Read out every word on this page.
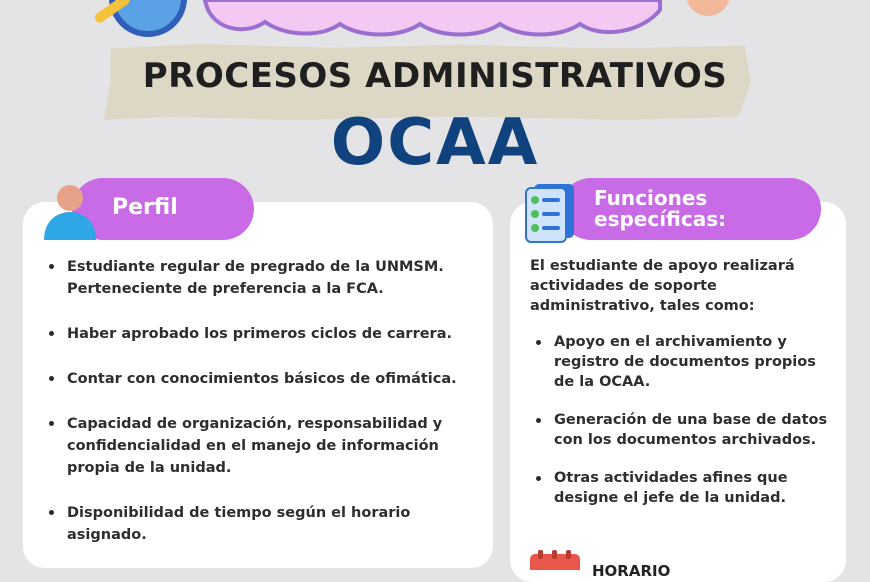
PROCESOS ADMINISTRATIVOS
OCAA
Perfil
Estudiante regular de pregrado de la UNMSM. Perteneciente de preferencia a la FCA.
Haber aprobado los primeros ciclos de carrera.
Contar con conocimientos básicos de ofimática.
Capacidad de organización, responsabilidad y confidencialidad en el manejo de información propia de la unidad.
Disponibilidad de tiempo según el horario asignado.
Funciones
específicas:
El estudiante de apoyo realizará actividades de soporte administrativo, tales como:
Apoyo en el archivamiento y registro de documentos propios de la OCAA.
Generación de una base de datos con los documentos archivados.
Otras actividades afines que designe el jefe de la unidad.
HORARIO
